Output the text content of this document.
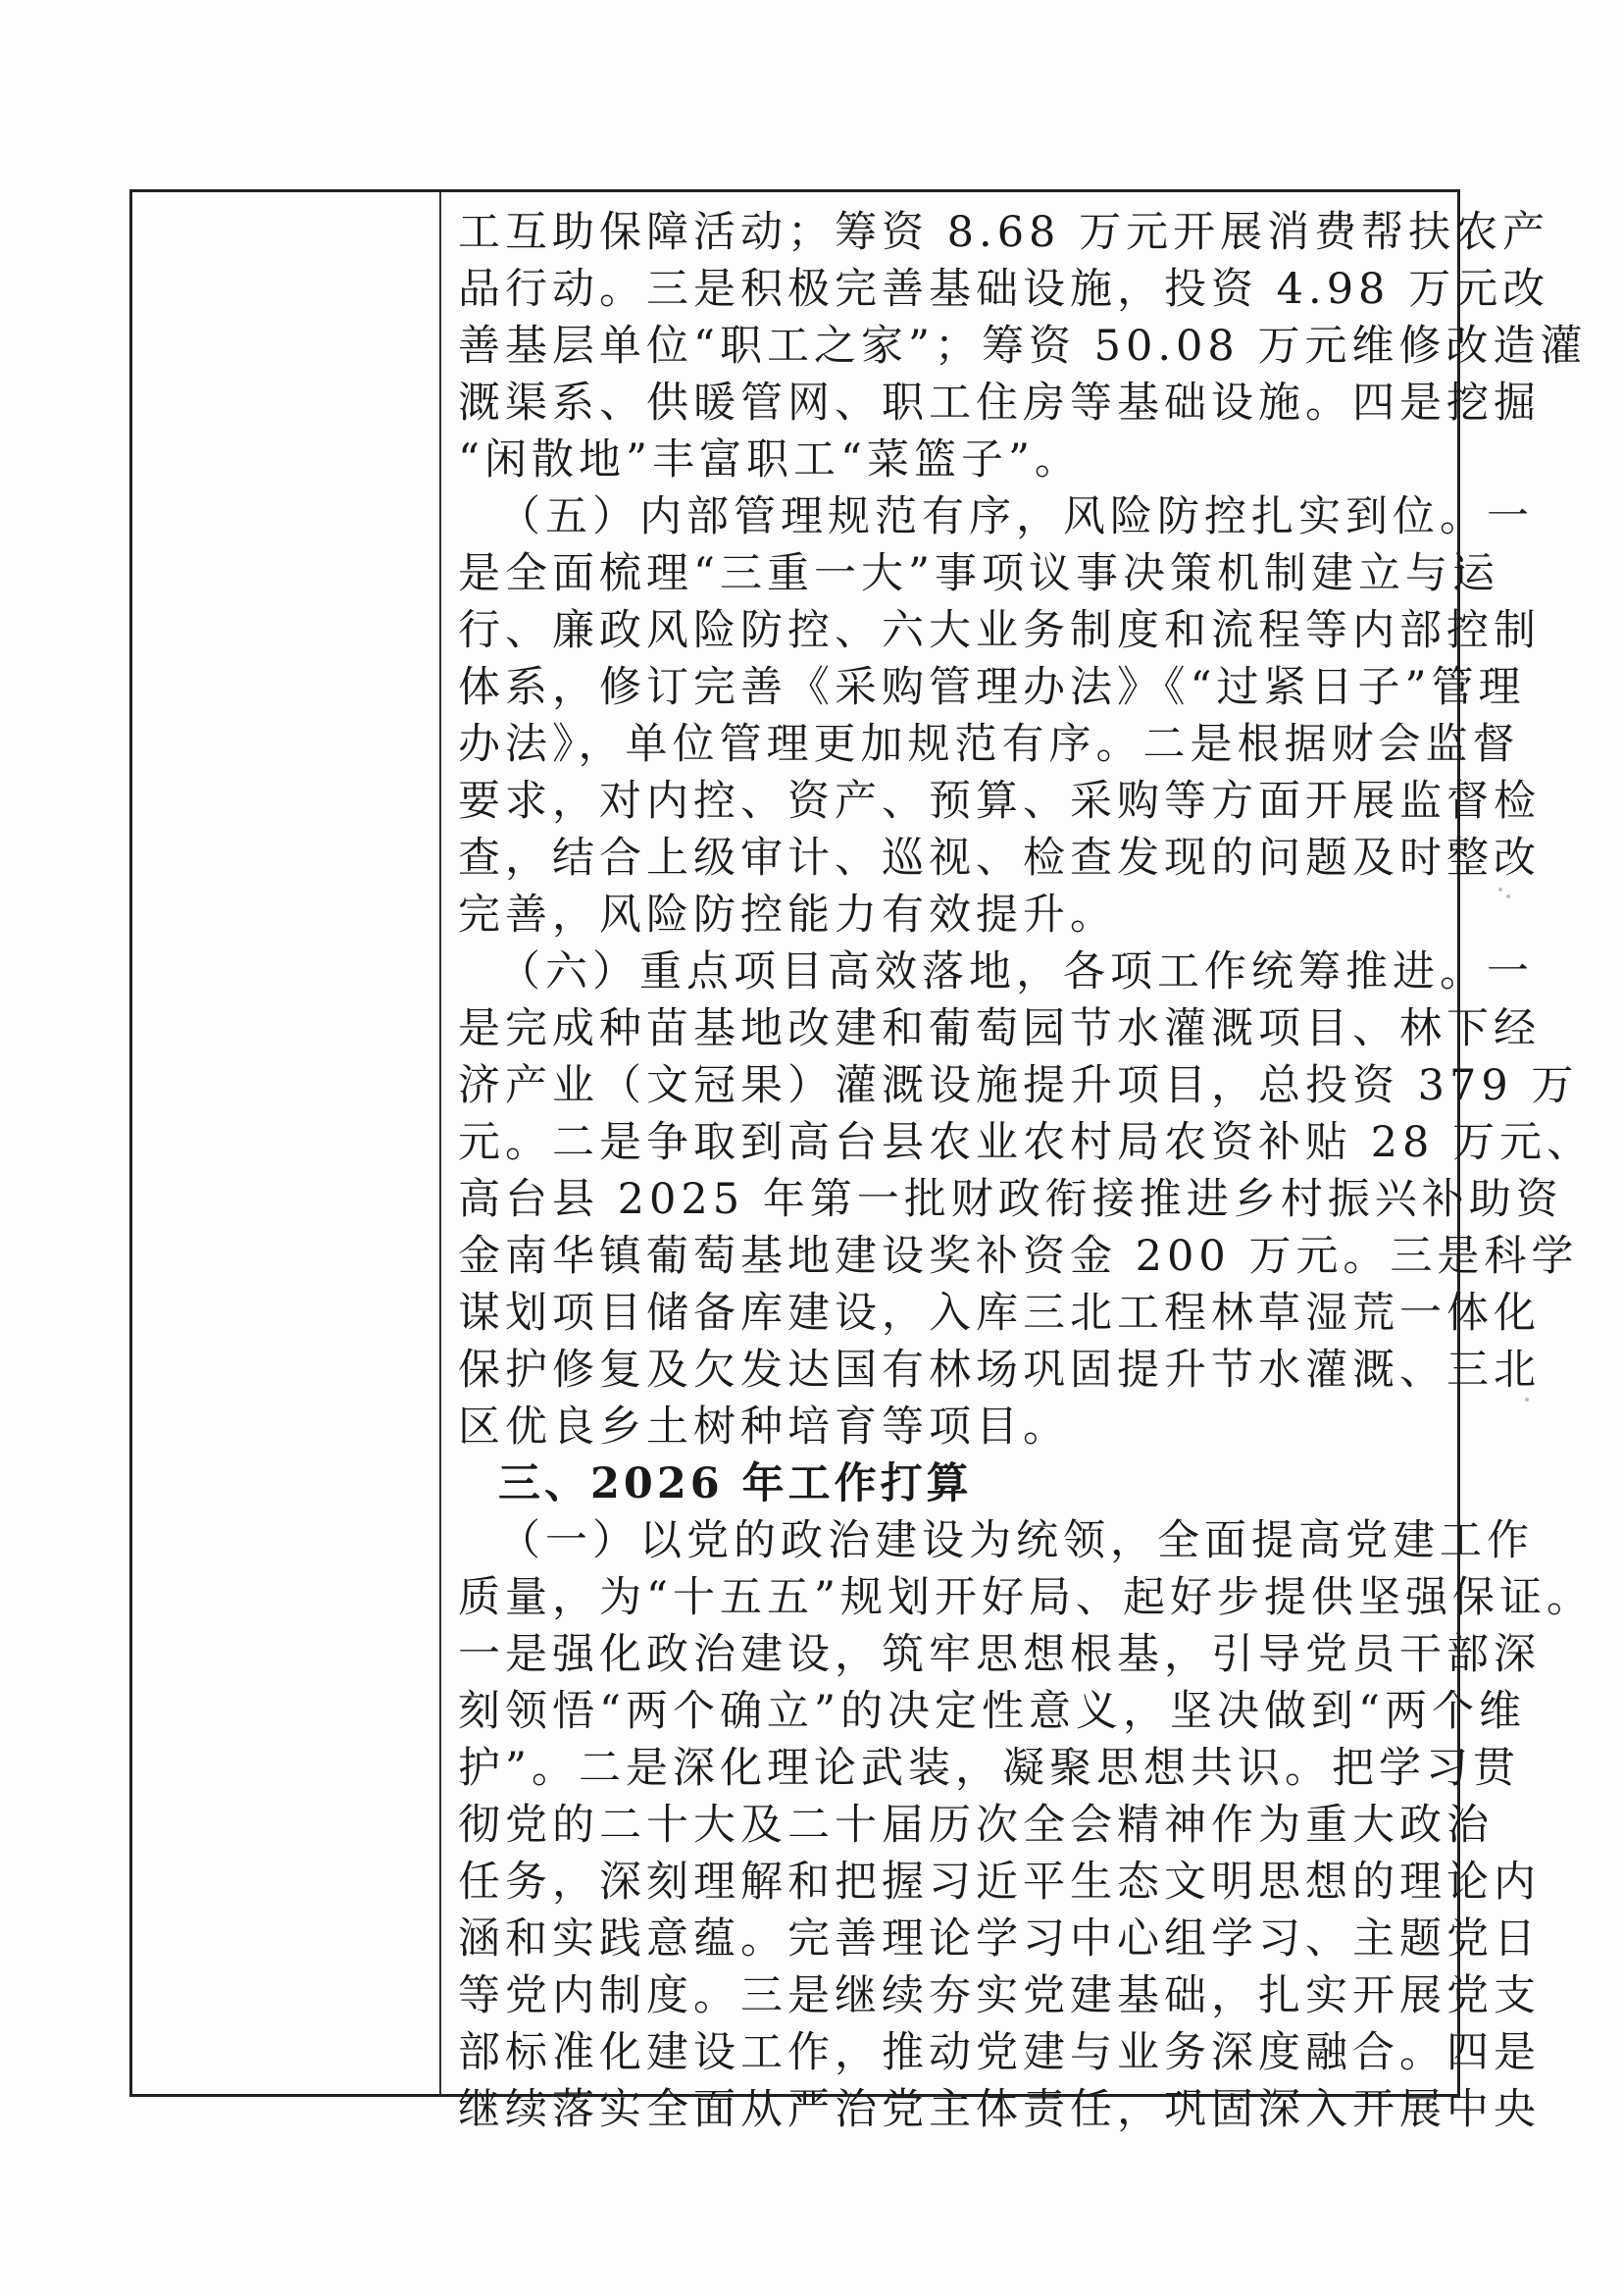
工互助保障活动；筹资 8.68 万元开展消费帮扶农产
品行动。三是积极完善基础设施，投资 4.98 万元改
善基层单位“职工之家”；筹资 50.08 万元维修改造灌
溉渠系、供暖管网、职工住房等基础设施。四是挖掘
“闲散地”丰富职工“菜篮子”。
（五）内部管理规范有序，风险防控扎实到位。一
是全面梳理“三重一大”事项议事决策机制建立与运
行、廉政风险防控、六大业务制度和流程等内部控制
体系，修订完善《采购管理办法》《“过紧日子”管理
办法》，单位管理更加规范有序。二是根据财会监督
要求，对内控、资产、预算、采购等方面开展监督检
查，结合上级审计、巡视、检查发现的问题及时整改
完善，风险防控能力有效提升。
（六）重点项目高效落地，各项工作统筹推进。一
是完成种苗基地改建和葡萄园节水灌溉项目、林下经
济产业（文冠果）灌溉设施提升项目，总投资 379 万
元。二是争取到高台县农业农村局农资补贴 28 万元、
高台县 2025 年第一批财政衔接推进乡村振兴补助资
金南华镇葡萄基地建设奖补资金 200 万元。三是科学
谋划项目储备库建设，入库三北工程林草湿荒一体化
保护修复及欠发达国有林场巩固提升节水灌溉、三北
区优良乡土树种培育等项目。
三、2026 年工作打算
（一）以党的政治建设为统领，全面提高党建工作
质量，为“十五五”规划开好局、起好步提供坚强保证。
一是强化政治建设，筑牢思想根基，引导党员干部深
刻领悟“两个确立”的决定性意义，坚决做到“两个维
护”。二是深化理论武装，凝聚思想共识。把学习贯
彻党的二十大及二十届历次全会精神作为重大政治
任务，深刻理解和把握习近平生态文明思想的理论内
涵和实践意蕴。完善理论学习中心组学习、主题党日
等党内制度。三是继续夯实党建基础，扎实开展党支
部标准化建设工作，推动党建与业务深度融合。四是
继续落实全面从严治党主体责任，巩固深入开展中央
